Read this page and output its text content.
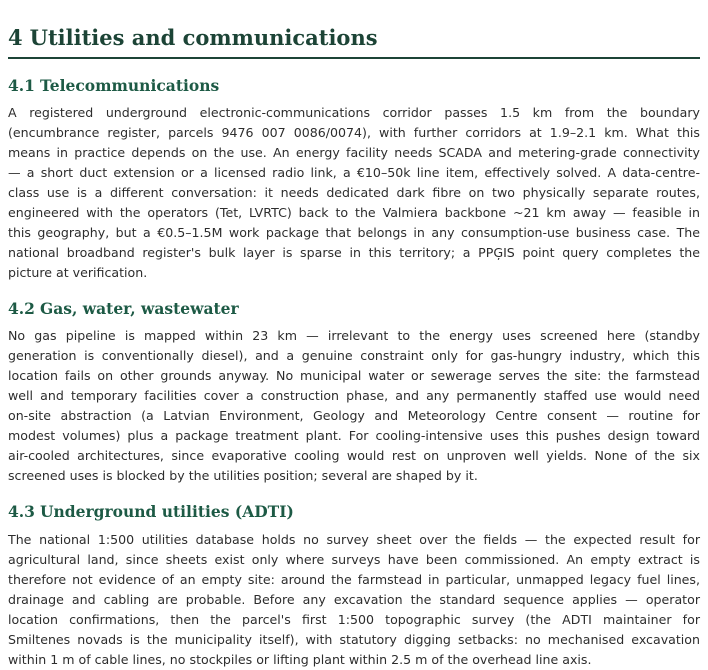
4 Utilities and communications
4.1 Telecommunications

A registered underground electronic-communications corridor passes 1.5 km from the boundary
(encumbrance register, parcels 9476 007 0086/0074), with further corridors at 1.9–2.1 km. What this
means in practice depends on the use. An energy facility needs SCADA and metering-grade connectivity
— a short duct extension or a licensed radio link, a €10–50k line item, effectively solved. A data-centre-
class use is a different conversation: it needs dedicated dark fibre on two physically separate routes,
engineered with the operators (Tet, LVRTC) back to the Valmiera backbone ~21 km away — feasible in
this geography, but a €0.5–1.5M work package that belongs in any consumption-use business case. The
national broadband register's bulk layer is sparse in this territory; a PPĢIS point query completes the
picture at verification.

4.2 Gas, water, wastewater

No gas pipeline is mapped within 23 km — irrelevant to the energy uses screened here (standby
generation is conventionally diesel), and a genuine constraint only for gas-hungry industry, which this
location fails on other grounds anyway. No municipal water or sewerage serves the site: the farmstead
well and temporary facilities cover a construction phase, and any permanently staffed use would need
on-site abstraction (a Latvian Environment, Geology and Meteorology Centre consent — routine for
modest volumes) plus a package treatment plant. For cooling-intensive uses this pushes design toward
air-cooled architectures, since evaporative cooling would rest on unproven well yields. None of the six
screened uses is blocked by the utilities position; several are shaped by it.

4.3 Underground utilities (ADTI)

The national 1:500 utilities database holds no survey sheet over the fields — the expected result for
agricultural land, since sheets exist only where surveys have been commissioned. An empty extract is
therefore not evidence of an empty site: around the farmstead in particular, unmapped legacy fuel lines,
drainage and cabling are probable. Before any excavation the standard sequence applies — operator
location confirmations, then the parcel's first 1:500 topographic survey (the ADTI maintainer for
Smiltenes novads is the municipality itself), with statutory digging setbacks: no mechanised excavation
within 1 m of cable lines, no stockpiles or lifting plant within 2.5 m of the overhead line axis.
